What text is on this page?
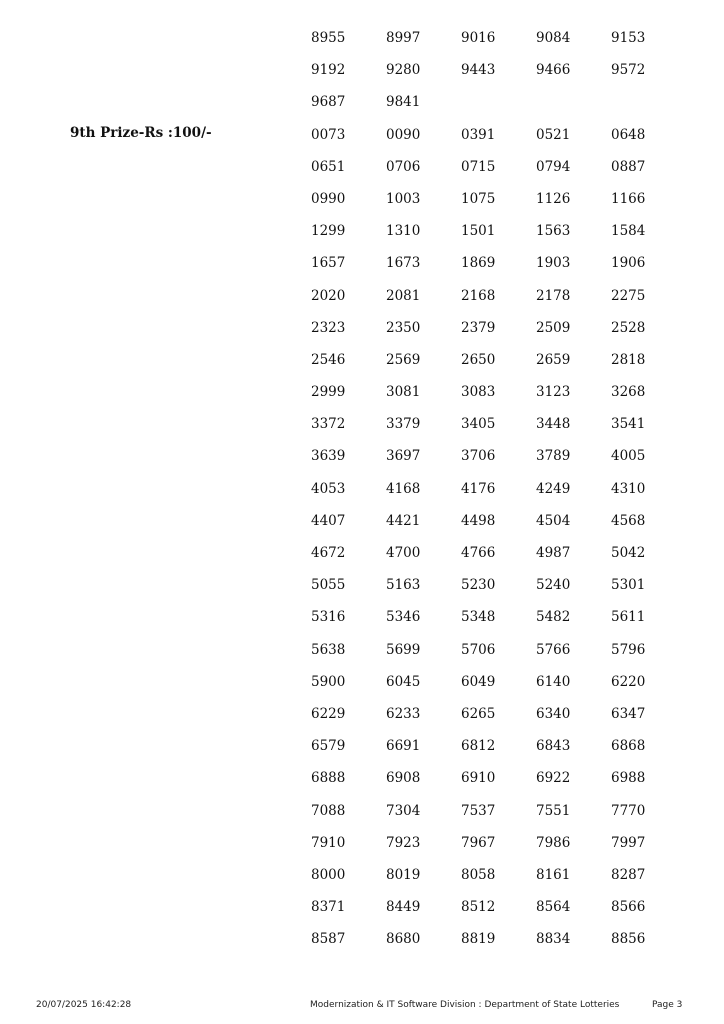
9th Prize-Rs :100/-
8955	8997	9016	9084	9153
9192	9280	9443	9466	9572
9687	9841
0073	0090	0391	0521	0648
0651	0706	0715	0794	0887
0990	1003	1075	1126	1166
1299	1310	1501	1563	1584
1657	1673	1869	1903	1906
2020	2081	2168	2178	2275
2323	2350	2379	2509	2528
2546	2569	2650	2659	2818
2999	3081	3083	3123	3268
3372	3379	3405	3448	3541
3639	3697	3706	3789	4005
4053	4168	4176	4249	4310
4407	4421	4498	4504	4568
4672	4700	4766	4987	5042
5055	5163	5230	5240	5301
5316	5346	5348	5482	5611
5638	5699	5706	5766	5796
5900	6045	6049	6140	6220
6229	6233	6265	6340	6347
6579	6691	6812	6843	6868
6888	6908	6910	6922	6988
7088	7304	7537	7551	7770
7910	7923	7967	7986	7997
8000	8019	8058	8161	8287
8371	8449	8512	8564	8566
8587	8680	8819	8834	8856
20/07/2025 16:42:28	Modernization & IT Software Division : Department of State Lotteries	Page 3
